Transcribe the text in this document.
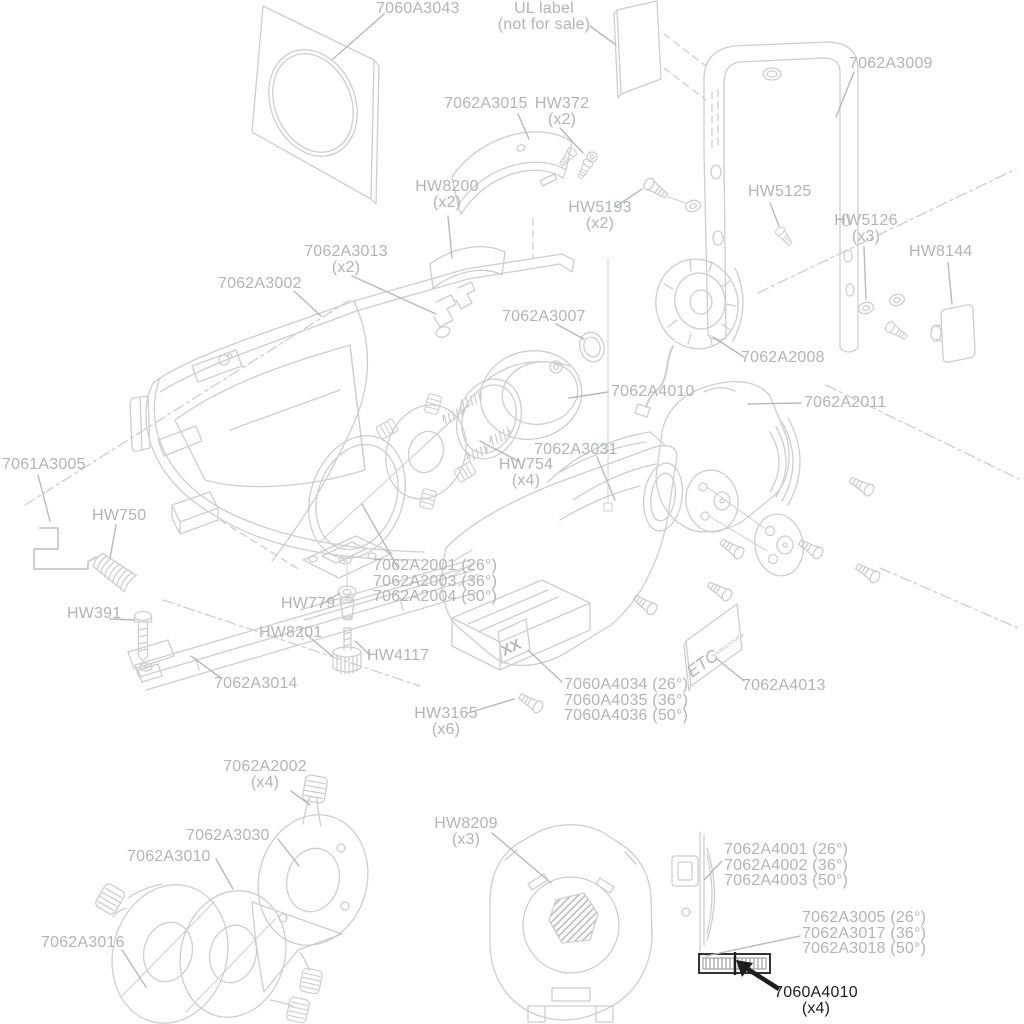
XX	ETC
SOURCE FOUR Jr
7060A3043	UL label
(not for sale)
7062A3015 HW372
(x2)
HW8200
(x2)	HW5193
(x2)
7062A3009
HW5125
HW5126
(x3)
HW8144
7062A3013
(x2)
7062A3002
7062A3007
7062A2008
7062A4010
7062A2011
7062A3031
HW754
(x4)
7061A3005
HW750
HW391
7062A3014
HW779
HW8201
HW4117
7062A2001 (26°)
7062A2003 (36°)
7062A2004 (50°)
7060A4034 (26°)
7060A4035 (36°)
7060A4036 (50°)
7062A4013
HW3165
(x6)
7062A2002
(x4)
7062A3030
7062A3010
7062A3016
HW8209
(x3)
7062A4001 (26°)
7062A4002 (36°)
7062A4003 (50°)
7062A3005 (26°)
7062A3017 (36°)
7062A3018 (50°)
7060A4010
(x4)
